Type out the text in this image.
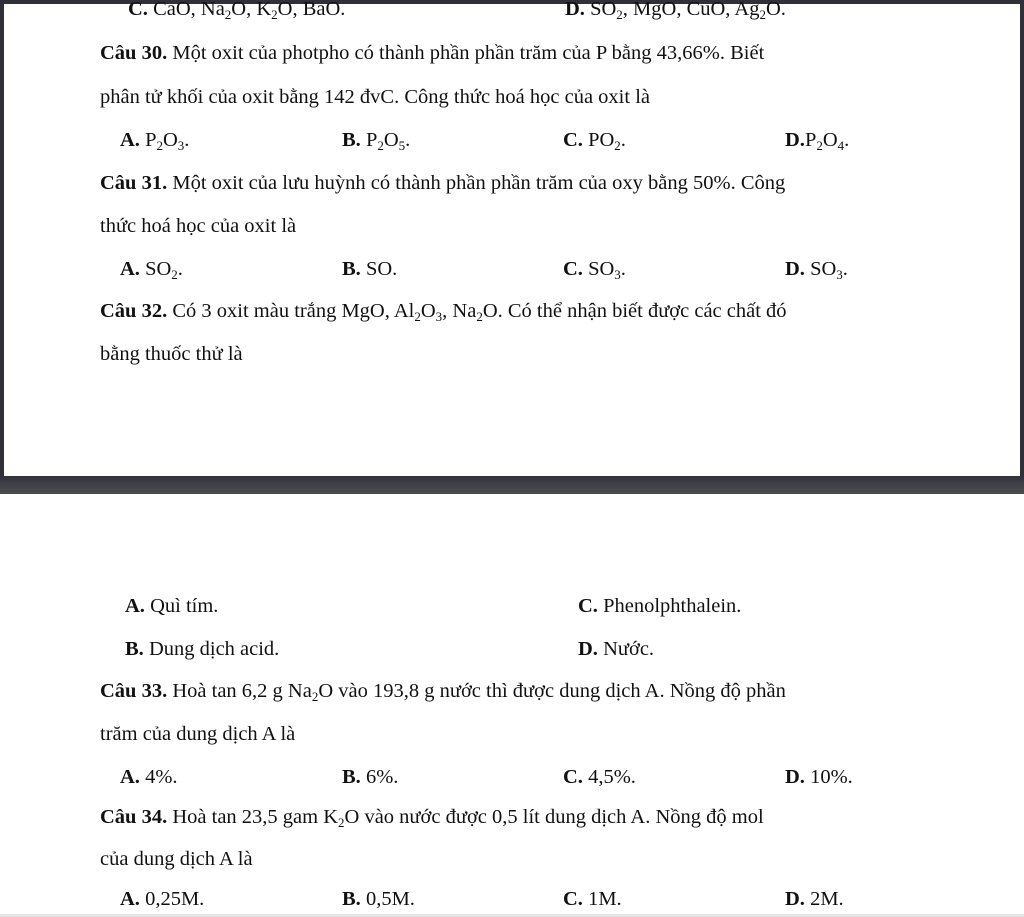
C. CaO, $Na_2O$, $K_2O$, BaO.	D. $SO_2$, MgO, CuO, $Ag_2O$.
Câu 30. Một oxit của photpho có thành phần phần trăm của P bằng 43,66%. Biết
phân tử khối của oxit bằng 142 đvC. Công thức hoá học của oxit là
A. $P_2O_3$.	B. $P_2O_5$.	C. $PO_2$.	$D.P_2O_4$.
Câu 31. Một oxit của lưu huỳnh có thành phần phần trăm của oxy bằng 50%. Công
thức hoá học của oxit là
A. $SO_2$.	B. SO.	C. $SO_3$.	D. $SO_3$.
Câu 32. Có 3 oxit màu trắng MgO, $Al_2O_3$, $Na_2O$. Có thể nhận biết được các chất đó
bằng thuốc thử là
A. Quì tím.	C. Phenolphthalein.
B. Dung dịch acid.	D. Nước.
Câu 33. Hoà tan 6,2 g $Na_2O$ vào 193,8 g nước thì được dung dịch A. Nồng độ phần
trăm của dung dịch A là
A. 4%.	B. 6%.	C. 4,5%.	D. 10%.
Câu 34. Hoà tan 23,5 gam $K_2O$ vào nước được 0,5 lít dung dịch A. Nồng độ mol
của dung dịch A là
A. 0,25M.	B. 0,5M.	C. 1M.	D. 2M.
